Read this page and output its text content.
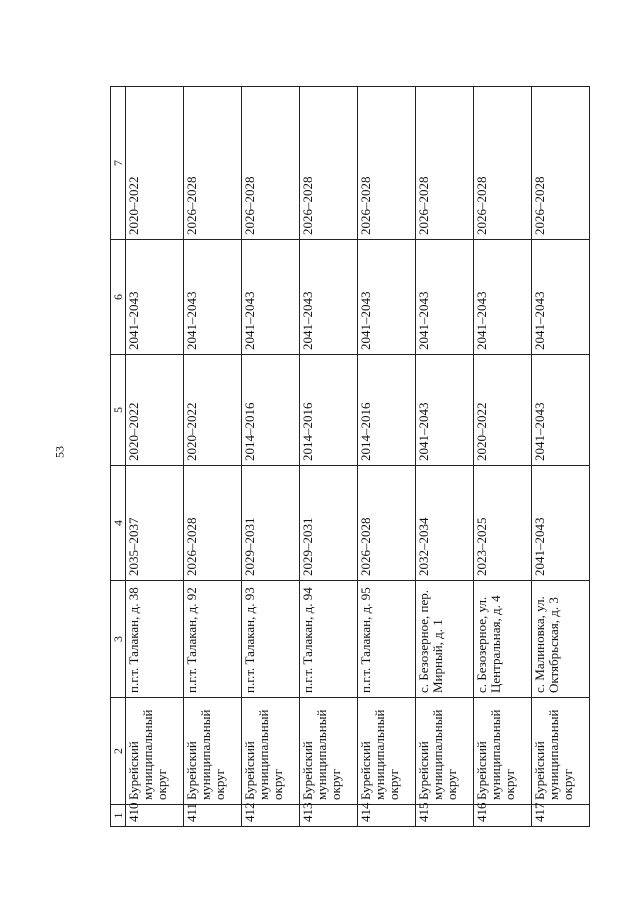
53
1	2	3	4	5	6	7
410	Бурейский муниципальный округ	п.г.т. Талакан, д. 38	2035–2037	2020–2022	2041–2043	2020–2022
411	Бурейский муниципальный округ	п.г.т. Талакан, д. 92	2026–2028	2020–2022	2041–2043	2026–2028
412	Бурейский муниципальный округ	п.г.т. Талакан, д. 93	2029–2031	2014–2016	2041–2043	2026–2028
413	Бурейский муниципальный округ	п.г.т. Талакан, д. 94	2029–2031	2014–2016	2041–2043	2026–2028
414	Бурейский муниципальный округ	п.г.т. Талакан, д. 95	2026–2028	2014–2016	2041–2043	2026–2028
415	Бурейский муниципальный округ	с. Безозерное, пер. Мирный, д. 1	2032–2034	2041–2043	2041–2043	2026–2028
416	Бурейский муниципальный округ	с. Безозерное, ул. Центральная, д. 4	2023–2025	2020–2022	2041–2043	2026–2028
417	Бурейский муниципальный округ	с. Малиновка, ул. Октябрьская, д. 3	2041–2043	2041–2043	2041–2043	2026–2028
